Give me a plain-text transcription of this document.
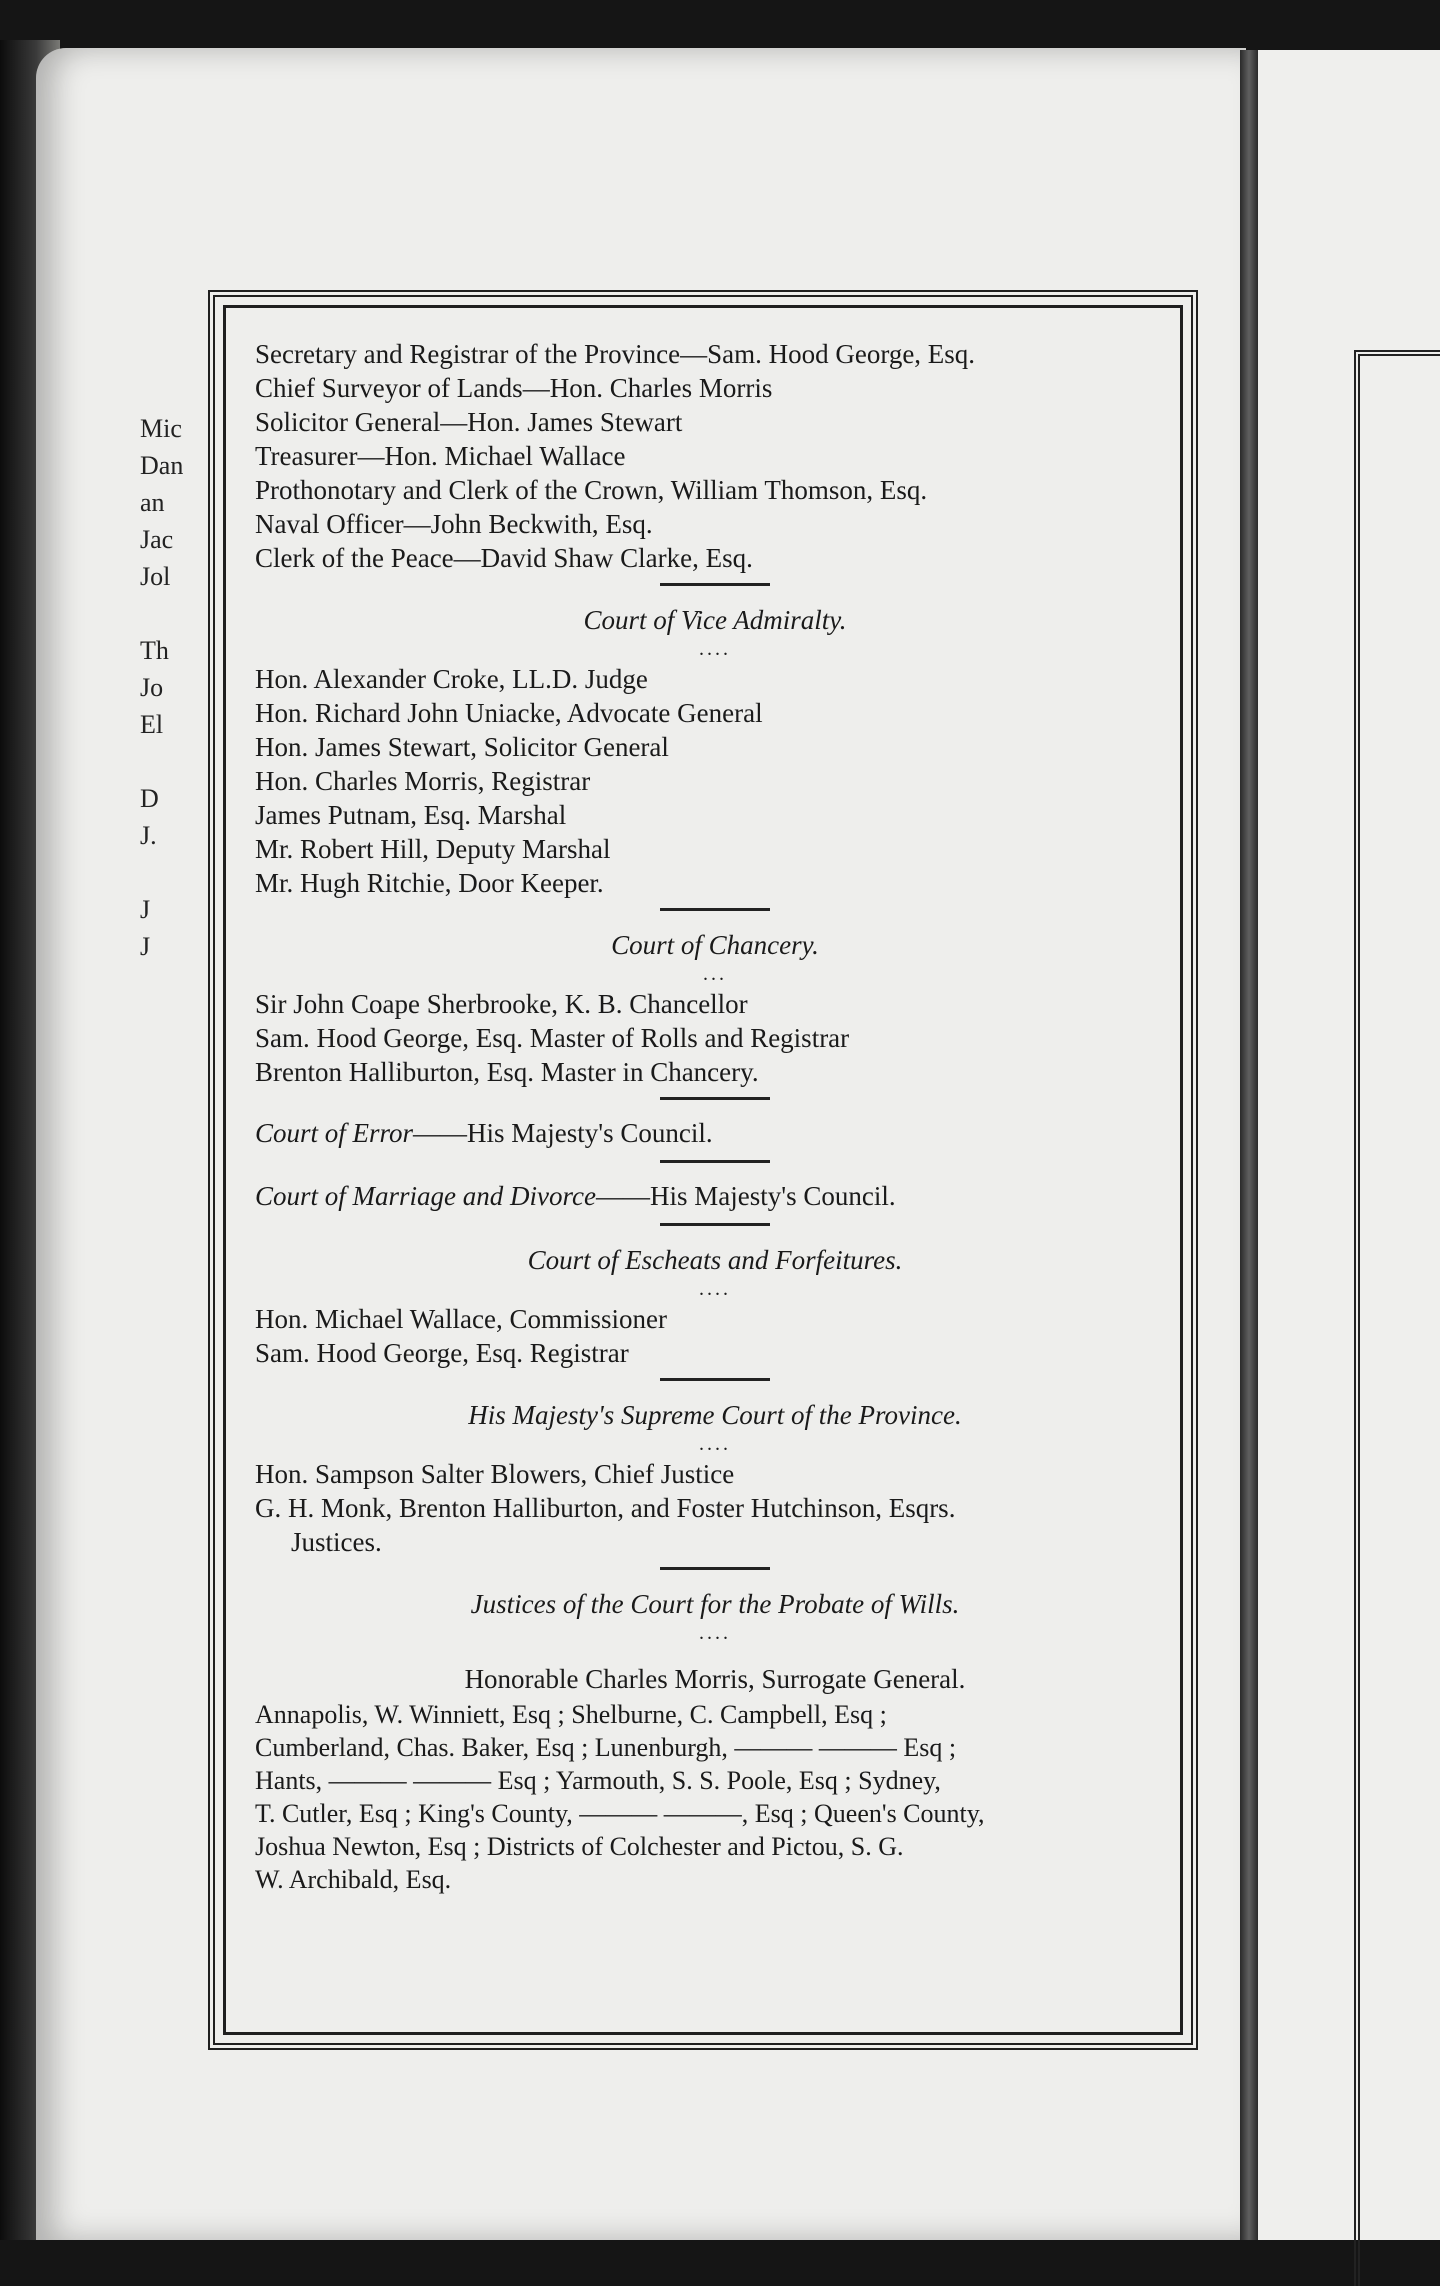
Mic
Dan
an
Jac
Jol

Th
Jo
El

D
J.

J
J
Secretary and Registrar of the Province—Sam. Hood George, Esq.
Chief Surveyor of Lands—Hon. Charles Morris
Solicitor General—Hon. James Stewart
Treasurer—Hon. Michael Wallace
Prothonotary and Clerk of the Crown, William Thomson, Esq.
Naval Officer—John Beckwith, Esq.
Clerk of the Peace—David Shaw Clarke, Esq.
Court of Vice Admiralty.
....
Hon. Alexander Croke, LL.D. Judge
Hon. Richard John Uniacke, Advocate General
Hon. James Stewart, Solicitor General
Hon. Charles Morris, Registrar
James Putnam, Esq. Marshal
Mr. Robert Hill, Deputy Marshal
Mr. Hugh Ritchie, Door Keeper.
Court of Chancery.
...
Sir John Coape Sherbrooke, K. B. Chancellor
Sam. Hood George, Esq. Master of Rolls and Registrar
Brenton Halliburton, Esq. Master in Chancery.
Court of Error——His Majesty's Council.
Court of Marriage and Divorce——His Majesty's Council.
Court of Escheats and Forfeitures.
....
Hon. Michael Wallace, Commissioner
Sam. Hood George, Esq. Registrar
His Majesty's Supreme Court of the Province.
....
Hon. Sampson Salter Blowers, Chief Justice
G. H. Monk, Brenton Halliburton, and Foster Hutchinson, Esqrs.
Justices.
Justices of the Court for the Probate of Wills.
....
Honorable Charles Morris, Surrogate General.
Annapolis, W. Winniett, Esq ; Shelburne, C. Campbell, Esq ;
Cumberland, Chas. Baker, Esq ; Lunenburgh, ——— ——— Esq ;
Hants, ——— ——— Esq ; Yarmouth, S. S. Poole, Esq ; Sydney,
T. Cutler, Esq ; King's County, ——— ———, Esq ; Queen's County,
Joshua Newton, Esq ; Districts of Colchester and Pictou, S. G.
W. Archibald, Esq.
